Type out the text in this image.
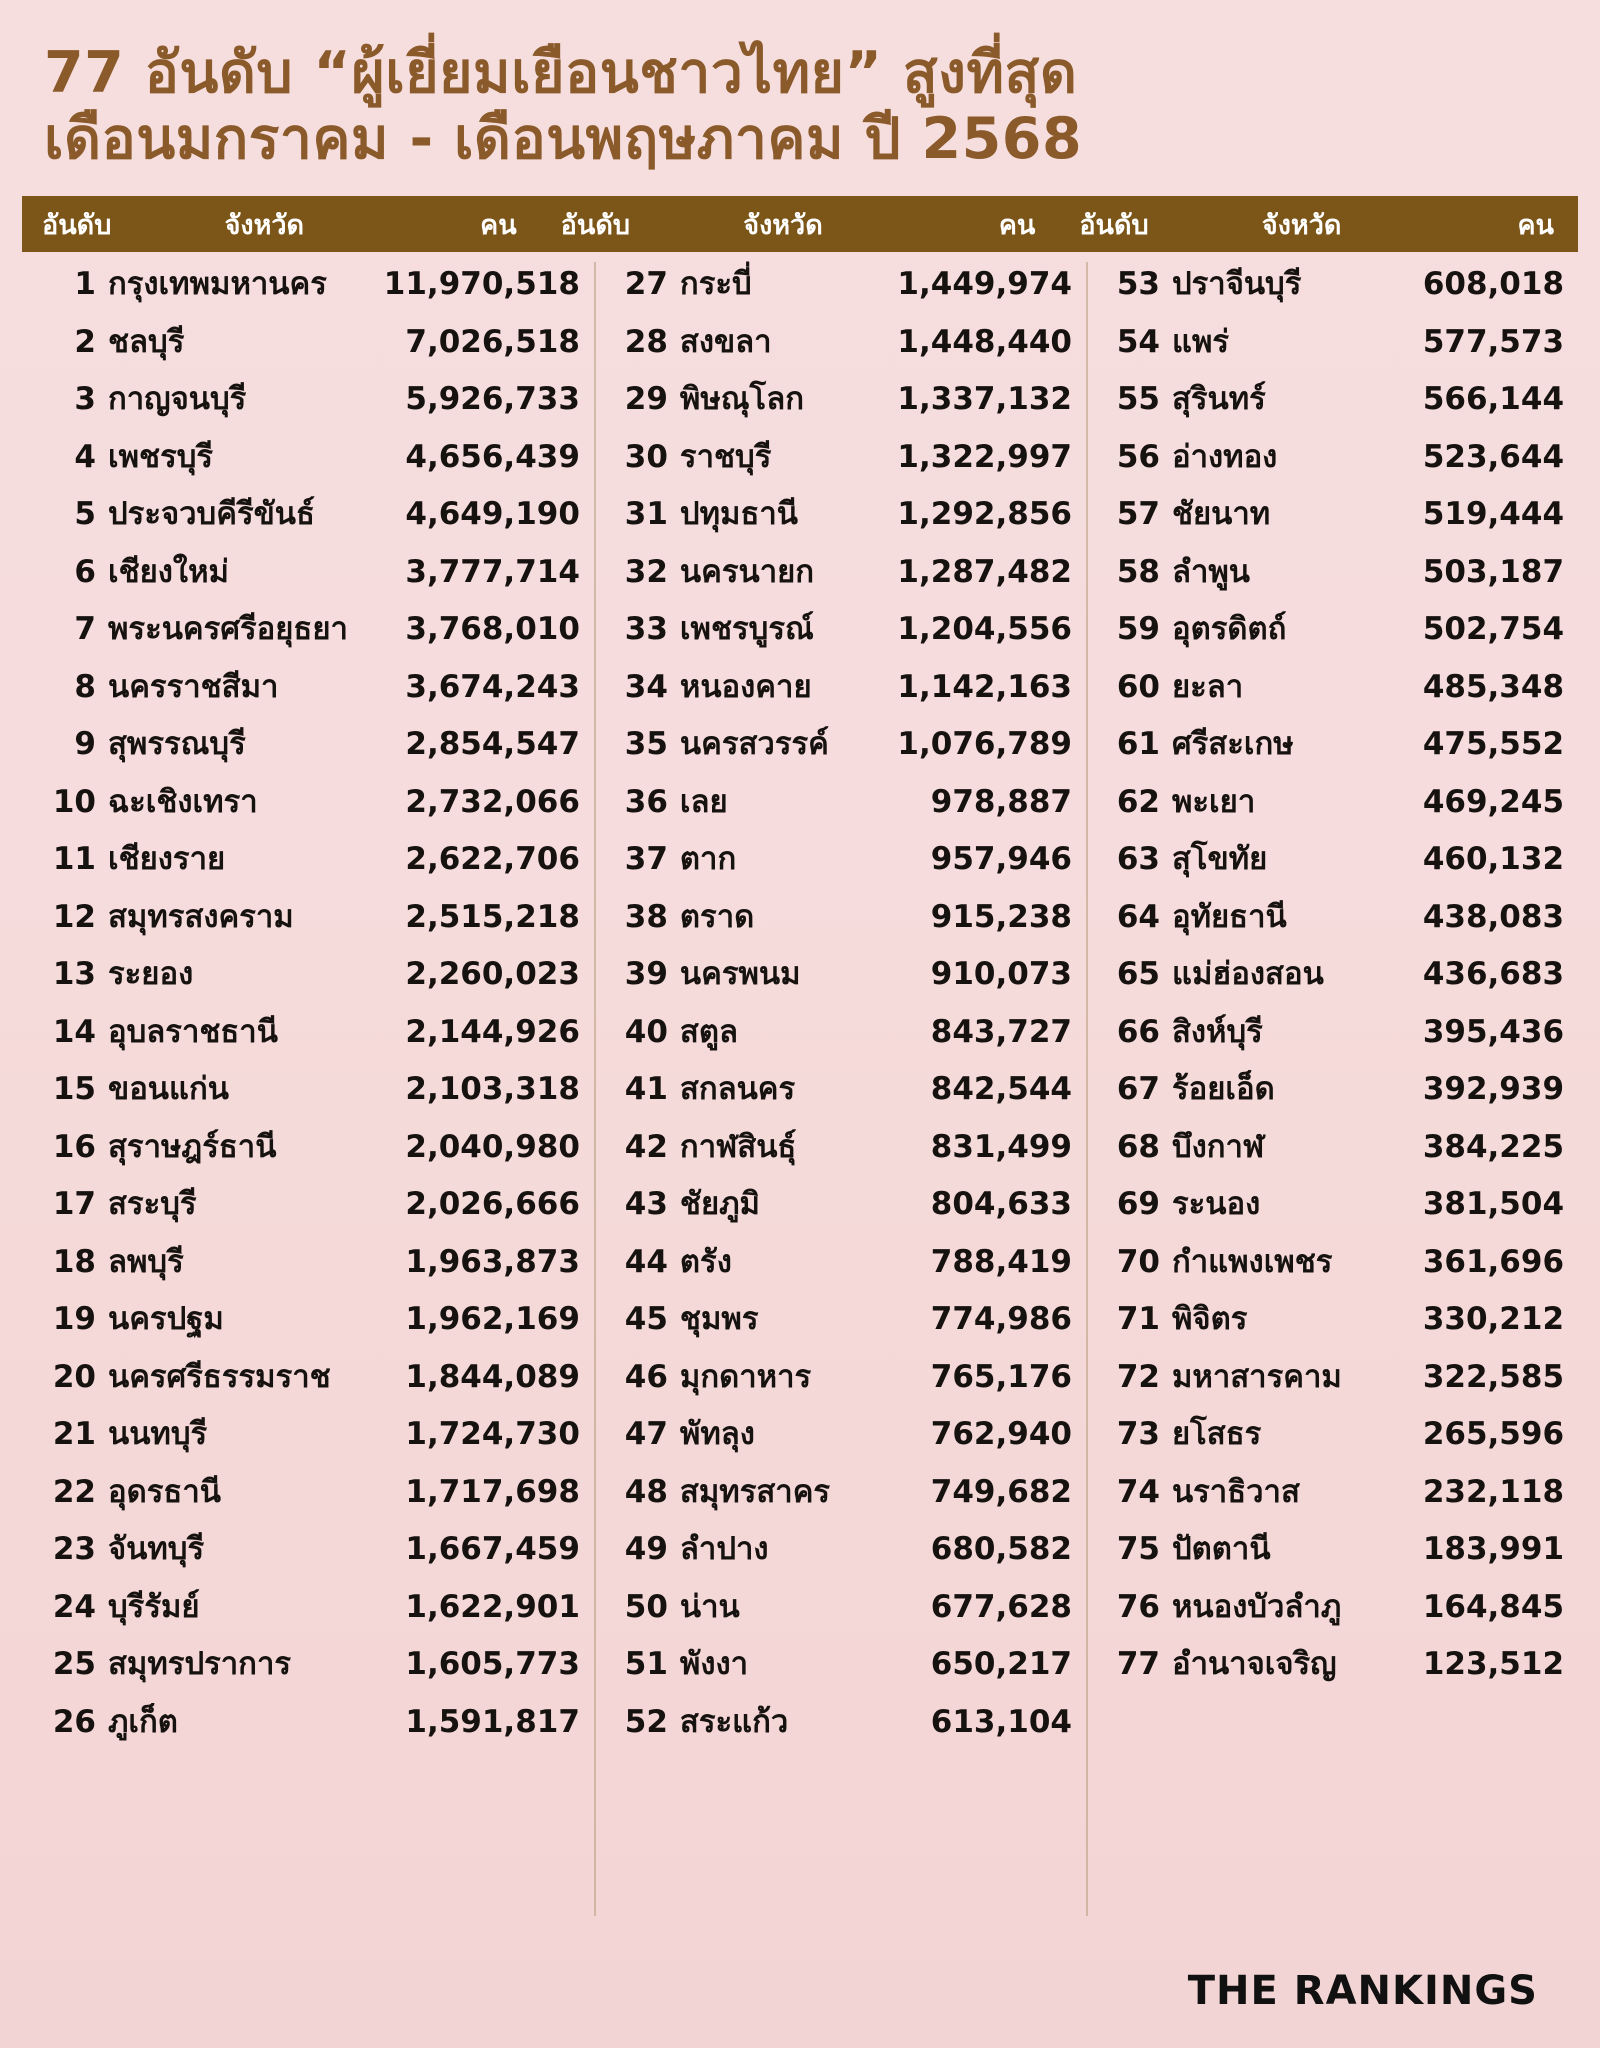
77 อันดับ “ผู้เยี่ยมเยือนชาวไทย” สูงที่สุด
เดือนมกราคม - เดือนพฤษภาคม ปี 2568
อันดับ	จังหวัด	คน	อันดับ	จังหวัด	คน	อันดับ	จังหวัด	คน
1 กรุงเทพมหานคร	11,970,518
2 ชลบุรี	7,026,518
3 กาญจนบุรี	5,926,733
4 เพชรบุรี	4,656,439
5 ประจวบคีรีขันธ์	4,649,190
6 เชียงใหม่	3,777,714
7 พระนครศรีอยุธยา	3,768,010
8 นครราชสีมา	3,674,243
9 สุพรรณบุรี	2,854,547
10 ฉะเชิงเทรา	2,732,066
11 เชียงราย	2,622,706
12 สมุทรสงคราม	2,515,218
13 ระยอง	2,260,023
14 อุบลราชธานี	2,144,926
15 ขอนแก่น	2,103,318
16 สุราษฎร์ธานี	2,040,980
17 สระบุรี	2,026,666
18 ลพบุรี	1,963,873
19 นครปฐม	1,962,169
20 นครศรีธรรมราช	1,844,089
21 นนทบุรี	1,724,730
22 อุดรธานี	1,717,698
23 จันทบุรี	1,667,459
24 บุรีรัมย์	1,622,901
25 สมุทรปราการ	1,605,773
26 ภูเก็ต	1,591,817
27 กระบี่	1,449,974
28 สงขลา	1,448,440
29 พิษณุโลก	1,337,132
30 ราชบุรี	1,322,997
31 ปทุมธานี	1,292,856
32 นครนายก	1,287,482
33 เพชรบูรณ์	1,204,556
34 หนองคาย	1,142,163
35 นครสวรรค์	1,076,789
36 เลย	978,887
37 ตาก	957,946
38 ตราด	915,238
39 นครพนม	910,073
40 สตูล	843,727
41 สกลนคร	842,544
42 กาฬสินธุ์	831,499
43 ชัยภูมิ	804,633
44 ตรัง	788,419
45 ชุมพร	774,986
46 มุกดาหาร	765,176
47 พัทลุง	762,940
48 สมุทรสาคร	749,682
49 ลำปาง	680,582
50 น่าน	677,628
51 พังงา	650,217
52 สระแก้ว	613,104
53 ปราจีนบุรี	608,018
54 แพร่	577,573
55 สุรินทร์	566,144
56 อ่างทอง	523,644
57 ชัยนาท	519,444
58 ลำพูน	503,187
59 อุตรดิตถ์	502,754
60 ยะลา	485,348
61 ศรีสะเกษ	475,552
62 พะเยา	469,245
63 สุโขทัย	460,132
64 อุทัยธานี	438,083
65 แม่ฮ่องสอน	436,683
66 สิงห์บุรี	395,436
67 ร้อยเอ็ด	392,939
68 บึงกาฬ	384,225
69 ระนอง	381,504
70 กำแพงเพชร	361,696
71 พิจิตร	330,212
72 มหาสารคาม	322,585
73 ยโสธร	265,596
74 นราธิวาส	232,118
75 ปัตตานี	183,991
76 หนองบัวลำภู	164,845
77 อำนาจเจริญ	123,512
THE RANKINGS
